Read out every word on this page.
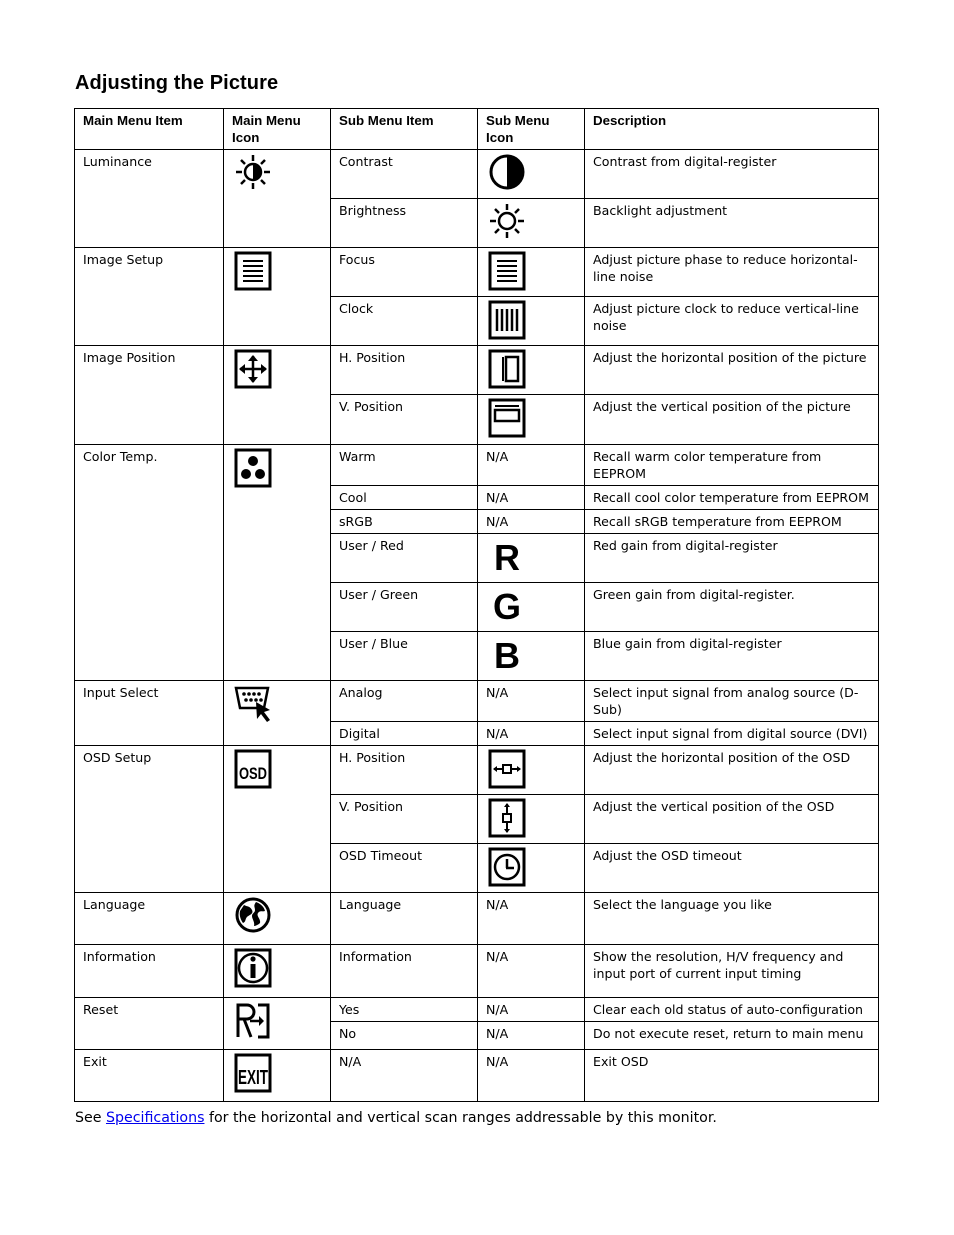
Adjusting the Picture
Main Menu Item	Main Menu Icon	Sub Menu Item	Sub Menu Icon	Description
Luminance		Contrast		Contrast from digital-register
		Brightness		Backlight adjustment
Image Setup		Focus		Adjust picture phase to reduce horizontal-line noise
		Clock		Adjust picture clock to reduce vertical-line noise
Image Position		H. Position		Adjust the horizontal position of the picture
		V. Position		Adjust the vertical position of the picture
Color Temp.		Warm	N/A	Recall warm color temperature from EEPROM
		Cool	N/A	Recall cool color temperature from EEPROM
		sRGB	N/A	Recall sRGB temperature from EEPROM
		User / Red	R	Red gain from digital-register
		User / Green	G	Green gain from digital-register.
		User / Blue	B	Blue gain from digital-register
Input Select		Analog	N/A	Select input signal from analog source (D-Sub)
		Digital	N/A	Select input signal from digital source (DVI)
OSD Setup	OSD	H. Position		Adjust the horizontal position of the OSD
		V. Position		Adjust the vertical position of the OSD
		OSD Timeout		Adjust the OSD timeout
Language		Language	N/A	Select the language you like
Information		Information	N/A	Show the resolution, H/V frequency and input port of current input timing
Reset		Yes	N/A	Clear each old status of auto-configuration
		No	N/A	Do not execute reset, return to main menu
Exit	EXIT	N/A	N/A	Exit OSD

See Specifications for the horizontal and vertical scan ranges addressable by this monitor.
